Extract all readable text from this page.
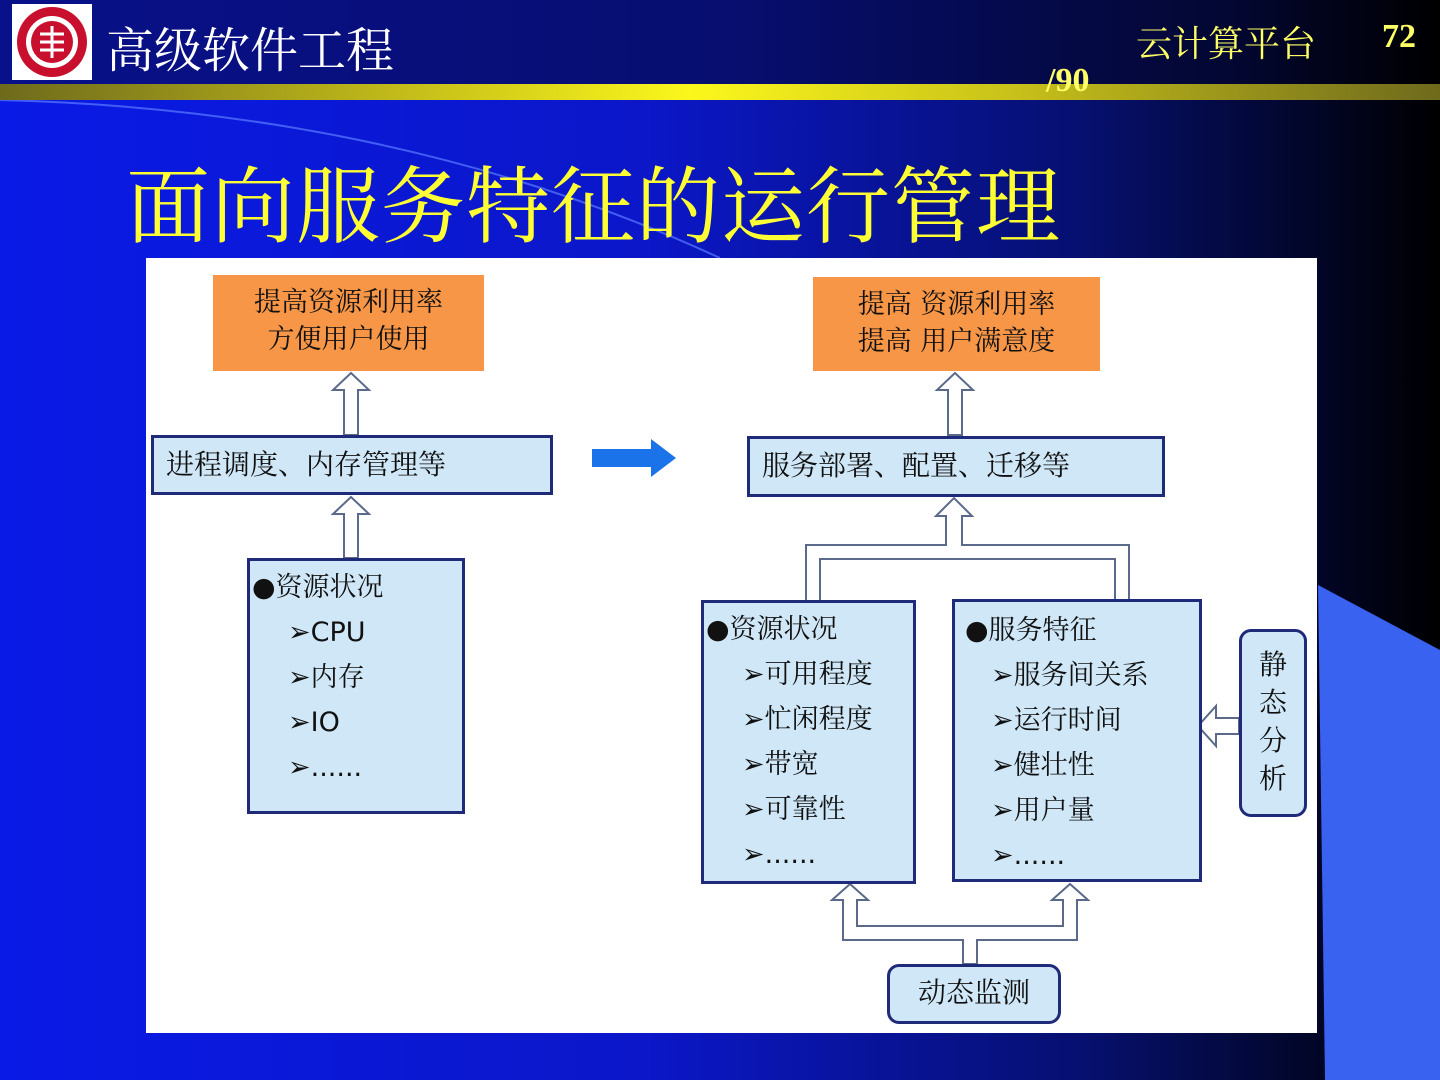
高级软件工程	云计算平台 72
/90
面向服务特征的运行管理
提高资源利用率
方便用户使用
进程调度、内存管理等
●资源状况
➢CPU
➢内存
➢IO
➢......
提高 资源利用率
提高 用户满意度
服务部署、配置、迁移等
●资源状况
➢可用程度
➢忙闲程度
➢带宽
➢可靠性
➢......
●服务特征
➢服务间关系
➢运行时间
➢健壮性
➢用户量
➢......
静
态
分
析
动态监测
